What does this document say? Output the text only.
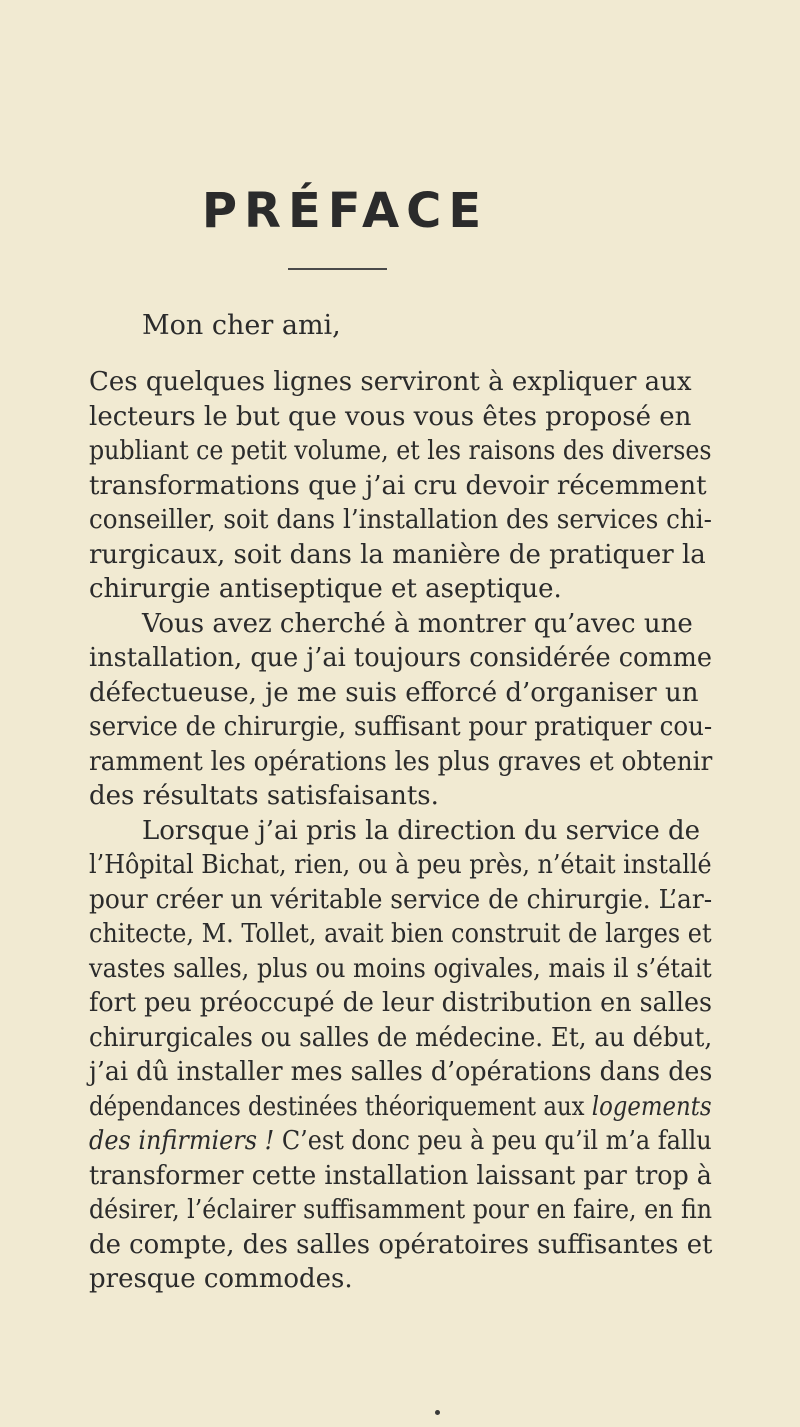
PRÉFACE
Mon cher ami,
Ces quelques lignes serviront à expliquer aux
lecteurs le but que vous vous êtes proposé en
publiant ce petit volume, et les raisons des diverses
transformations que j’ai cru devoir récemment
conseiller, soit dans l’installation des services chi-
rurgicaux, soit dans la manière de pratiquer la
chirurgie antiseptique et aseptique.
Vous avez cherché à montrer qu’avec une
installation, que j’ai toujours considérée comme
défectueuse, je me suis efforcé d’organiser un
service de chirurgie, suffisant pour pratiquer cou-
ramment les opérations les plus graves et obtenir
des résultats satisfaisants.
Lorsque j’ai pris la direction du service de
l’Hôpital Bichat, rien, ou à peu près, n’était installé
pour créer un véritable service de chirurgie. L’ar-
chitecte, M. Tollet, avait bien construit de larges et
vastes salles, plus ou moins ogivales, mais il s’était
fort peu préoccupé de leur distribution en salles
chirurgicales ou salles de médecine. Et, au début,
j’ai dû installer mes salles d’opérations dans des
dépendances destinées théoriquement aux logements
des infirmiers ! C’est donc peu à peu qu’il m’a fallu
transformer cette installation laissant par trop à
désirer, l’éclairer suffisamment pour en faire, en fin
de compte, des salles opératoires suffisantes et
presque commodes.
